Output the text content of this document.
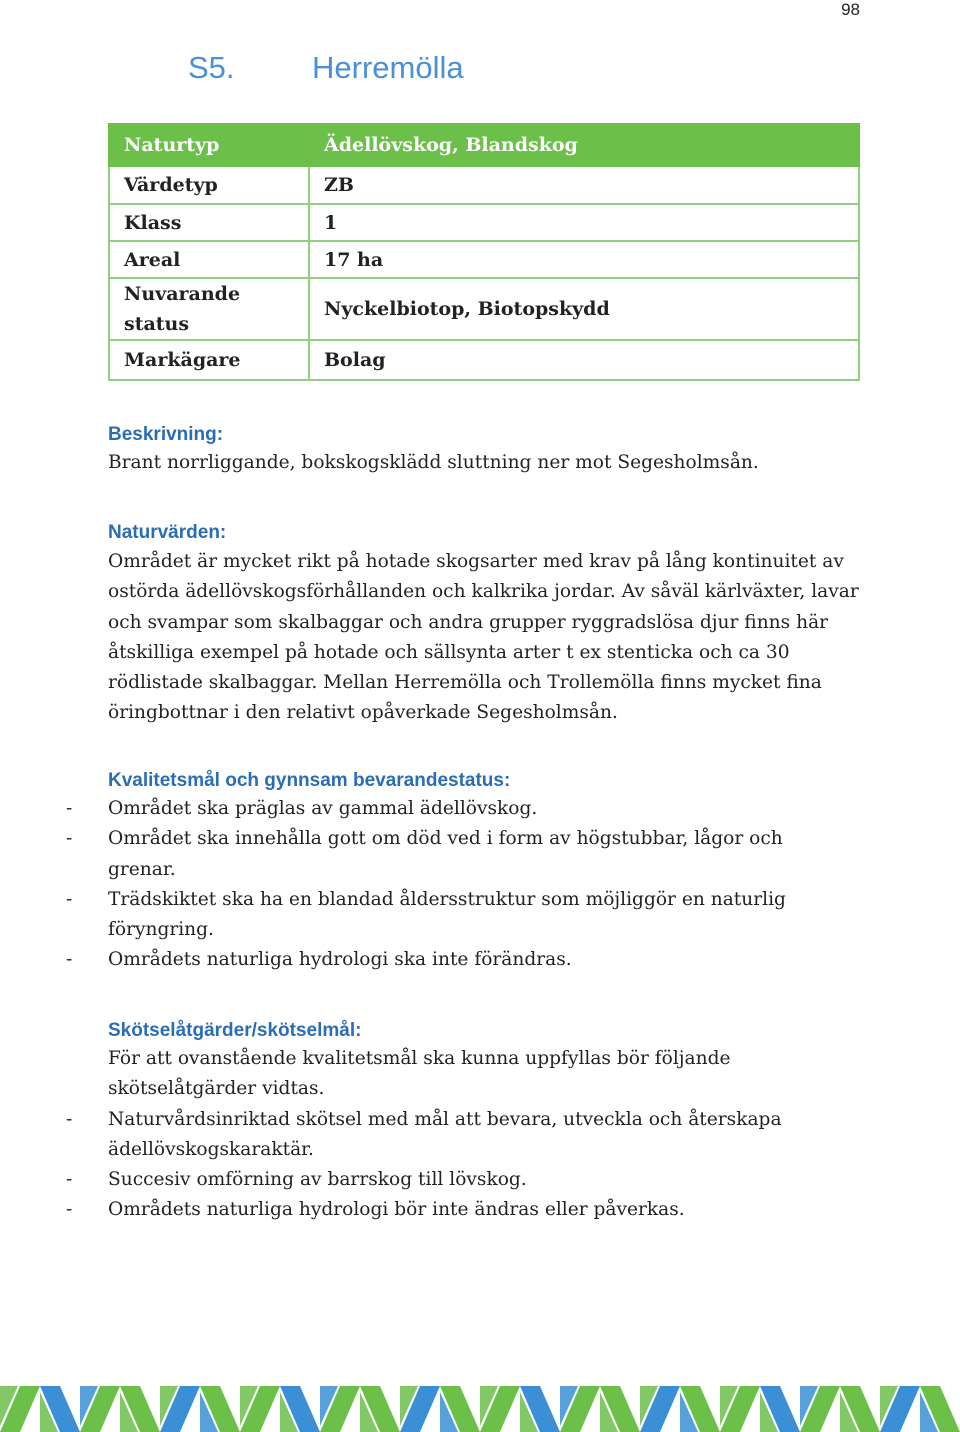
98
S5. Herremölla
Naturtyp	Ädellövskog, Blandskog
Värdetyp	ZB
Klass	1
Areal	17 ha
Nuvarande status	Nyckelbiotop, Biotopskydd
Markägare	Bolag
Beskrivning:

Brant norrliggande, bokskogsklädd sluttning ner mot Segesholmsån.

Naturvärden:

Området är mycket rikt på hotade skogsarter med krav på lång kontinuitet av ostörda ädellövskogsförhållanden och kalkrika jordar. Av såväl kärlväxter, lavar och svampar som skalbaggar och andra grupper ryggradslösa djur finns här åtskilliga exempel på hotade och sällsynta arter t ex stenticka och ca 30 rödlistade skalbaggar. Mellan Herremölla och Trollemölla finns mycket fina öringbottnar i den relativt opåverkade Segesholmsån.

Kvalitetsmål och gynnsam bevarandestatus:
- Området ska präglas av gammal ädellövskog.
- Området ska innehålla gott om död ved i form av högstubbar, lågor och grenar.
- Trädskiktet ska ha en blandad åldersstruktur som möjliggör en naturlig föryngring.
- Områdets naturliga hydrologi ska inte förändras.
Skötselåtgärder/skötselmål:

För att ovanstående kvalitetsmål ska kunna uppfyllas bör följande skötselåtgärder vidtas.

- Naturvårdsinriktad skötsel med mål att bevara, utveckla och återskapa ädellövskogskaraktär.
- Succesiv omförning av barrskog till lövskog.
- Områdets naturliga hydrologi bör inte ändras eller påverkas.
